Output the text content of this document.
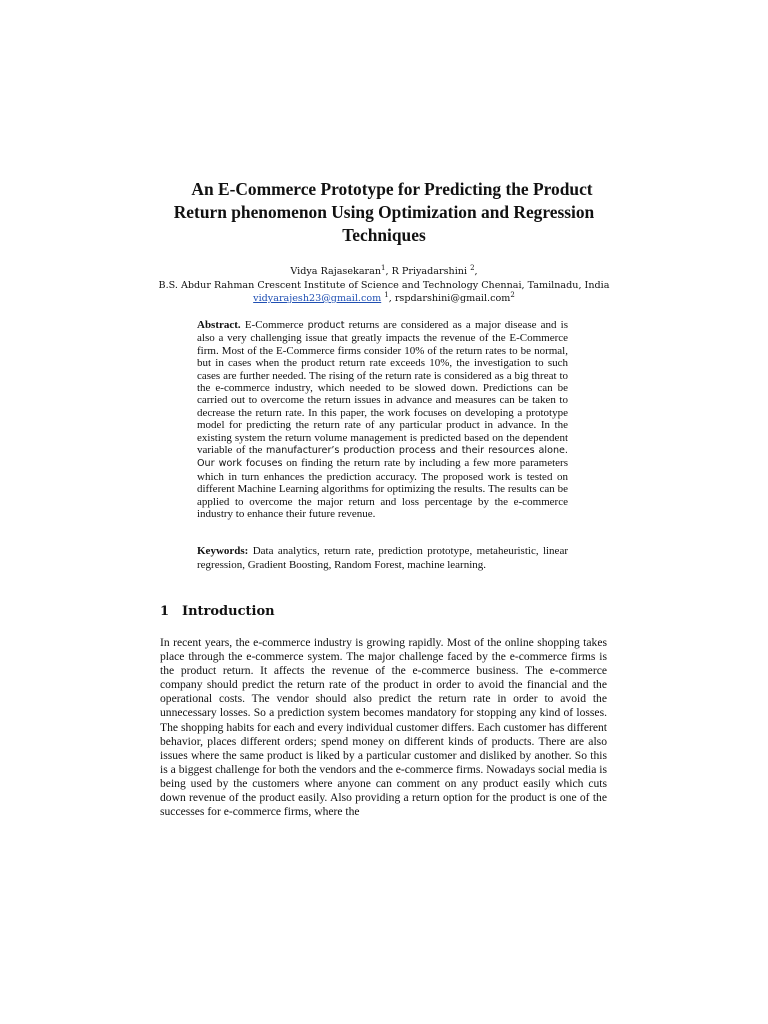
An E-Commerce Prototype for Predicting the Product
Return phenomenon Using Optimization and Regression
Techniques
Vidya Rajasekaran$^1$, R Priyadarshini $^2$,
B.S. Abdur Rahman Crescent Institute of Science and Technology Chennai, Tamilnadu, India
vidyarajesh23@gmail.com $^1$, rspdarshini@gmail.com$^2$
Abstract. E-Commerce product returns are considered as a major disease and is also a very challenging issue that greatly impacts the revenue of the E-Commerce firm. Most of the E-Commerce firms consider 10% of the return rates to be normal, but in cases when the product return rate exceeds 10%, the investigation to such cases are further needed. The rising of the return rate is considered as a big threat to the e-commerce industry, which needed to be slowed down. Predictions can be carried out to overcome the return issues in advance and measures can be taken to decrease the return rate. In this paper, the work focuses on developing a prototype model for predicting the return rate of any particular product in advance. In the existing system the return volume management is predicted based on the dependent variable of the manufacturer’s production process and their resources alone. Our work focuses on finding the return rate by including a few more parameters which in turn enhances the prediction accuracy. The proposed work is tested on different Machine Learning algorithms for optimizing the results. The results can be applied to overcome the major return and loss percentage by the e-commerce industry to enhance their future revenue.
Keywords: Data analytics, return rate, prediction prototype, metaheuristic, linear regression, Gradient Boosting, Random Forest, machine learning.
1 Introduction
In recent years, the e-commerce industry is growing rapidly. Most of the online shopping takes place through the e-commerce system. The major challenge faced by the e-commerce firms is the product return. It affects the revenue of the e-commerce business. The e-commerce company should predict the return rate of the product in order to avoid the financial and the operational costs. The vendor should also predict the return rate in order to avoid the unnecessary losses. So a prediction system becomes mandatory for stopping any kind of losses. The shopping habits for each and every individual customer differs. Each customer has different behavior, places different orders; spend money on different kinds of products. There are also issues where the same product is liked by a particular customer and disliked by another. So this is a biggest challenge for both the vendors and the e-commerce firms. Nowadays social media is being used by the customers where anyone can comment on any product easily which cuts down revenue of the product easily. Also providing a return option for the product is one of the successes for e-commerce firms, where the
